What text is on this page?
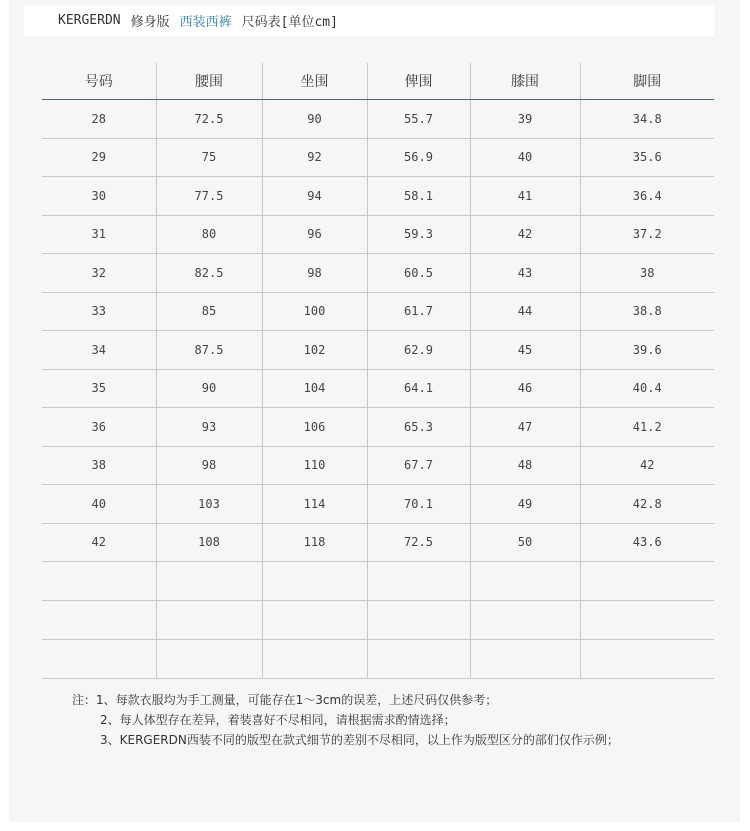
KERGERDN 修身版 西装西裤 尺码表[单位cm]
号码	腰围	坐围	俾围	膝围	脚围
28	72.5	90	55.7	39	34.8
29	75	92	56.9	40	35.6
30	77.5	94	58.1	41	36.4
31	80	96	59.3	42	37.2
32	82.5	98	60.5	43	38
33	85	100	61.7	44	38.8
34	87.5	102	62.9	45	39.6
35	90	104	64.1	46	40.4
36	93	106	65.3	47	41.2
38	98	110	67.7	48	42
40	103	114	70.1	49	42.8
42	108	118	72.5	50	43.6

注：1、每款衣服均为手工测量，可能存在1～3cm的误差，上述尺码仅供参考；
2、每人体型存在差异，着装喜好不尽相同，请根据需求酌情选择；
3、KERGERDN西装不同的版型在款式细节的差别不尽相同，以上作为版型区分的部们仅作示例；
